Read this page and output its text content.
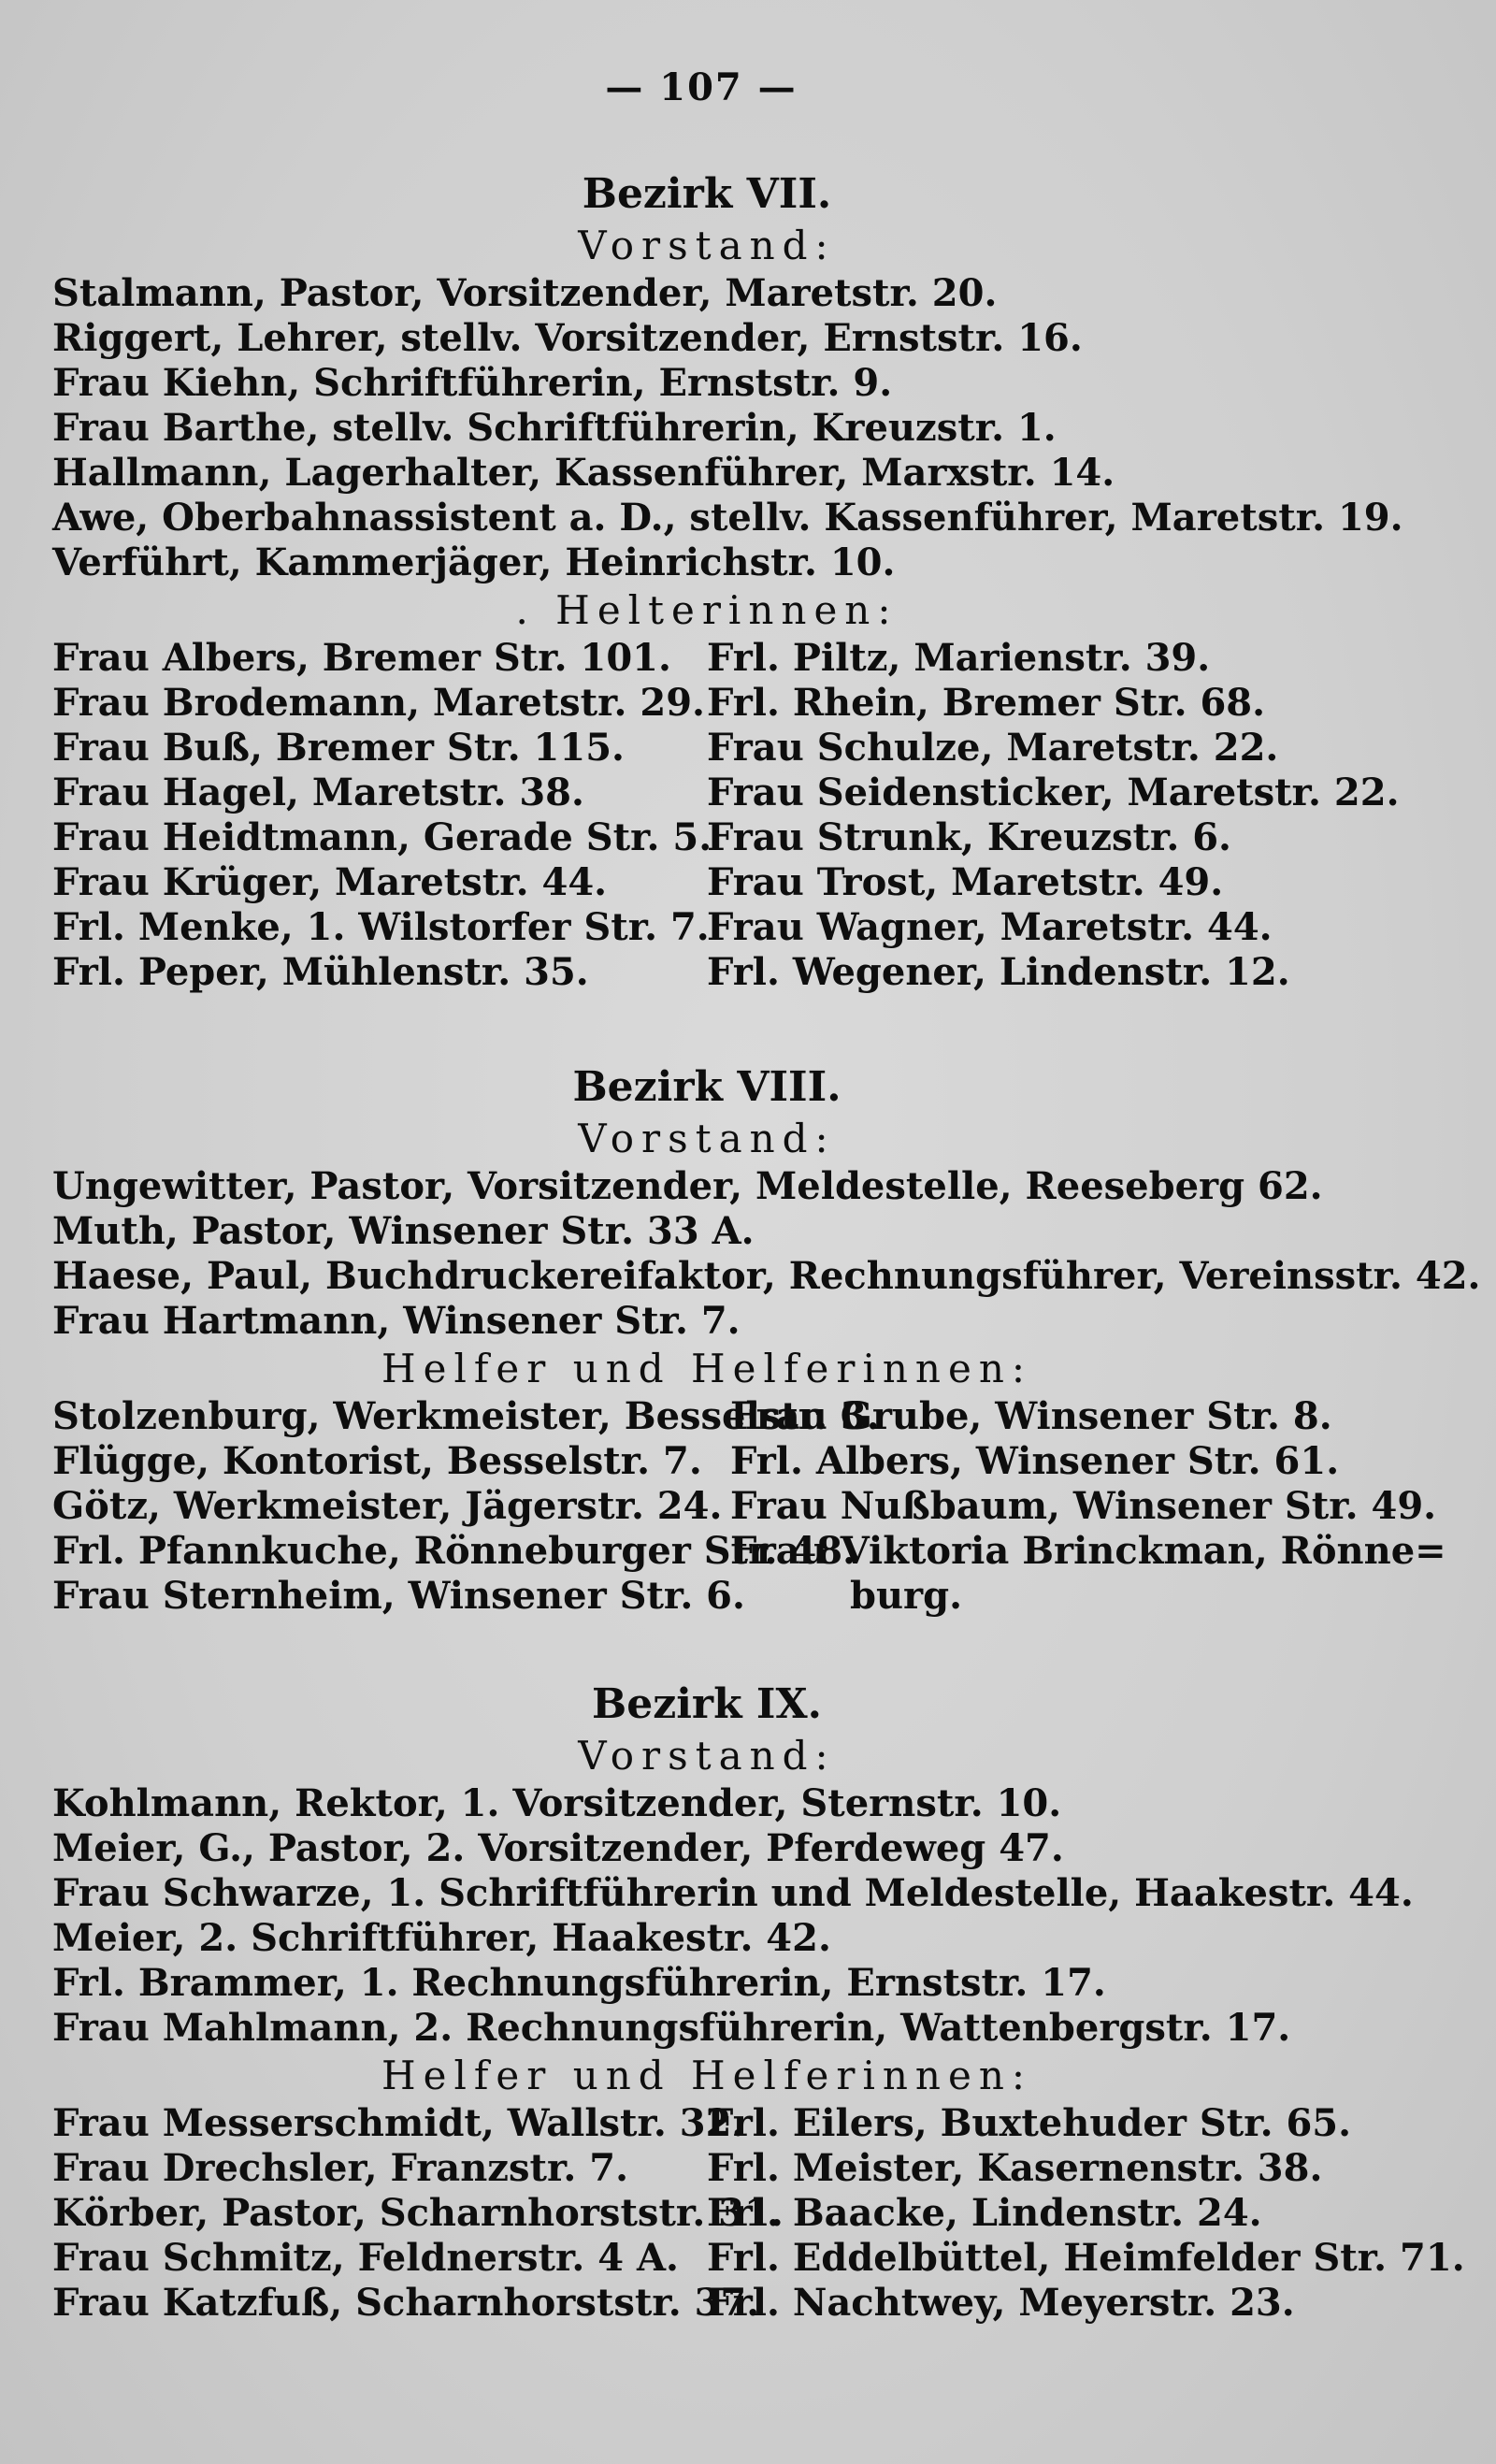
— 107 —
Bezirk VII.
Vorstand:
Stalmann, Pastor, Vorsitzender, Maretstr. 20.
Riggert, Lehrer, stellv. Vorsitzender, Ernststr. 16.
Frau Kiehn, Schriftführerin, Ernststr. 9.
Frau Barthe, stellv. Schriftführerin, Kreuzstr. 1.
Hallmann, Lagerhalter, Kassenführer, Marxstr. 14.
Awe, Oberbahnassistent a. D., stellv. Kassenführer, Maretstr. 19.
Verführt, Kammerjäger, Heinrichstr. 10.
. Helterinnen:
Frau Albers, Bremer Str. 101.
Frau Brodemann, Maretstr. 29.
Frau Buß, Bremer Str. 115.
Frau Hagel, Maretstr. 38.
Frau Heidtmann, Gerade Str. 5.
Frau Krüger, Maretstr. 44.
Frl. Menke, 1. Wilstorfer Str. 7.
Frl. Peper, Mühlenstr. 35.
Frl. Piltz, Marienstr. 39.
Frl. Rhein, Bremer Str. 68.
Frau Schulze, Maretstr. 22.
Frau Seidensticker, Maretstr. 22.
Frau Strunk, Kreuzstr. 6.
Frau Trost, Maretstr. 49.
Frau Wagner, Maretstr. 44.
Frl. Wegener, Lindenstr. 12.
Bezirk VIII.
Vorstand:
Ungewitter, Pastor, Vorsitzender, Meldestelle, Reeseberg 62.
Muth, Pastor, Winsener Str. 33 A.
Haese, Paul, Buchdruckereifaktor, Rechnungsführer, Vereinsstr. 42.
Frau Hartmann, Winsener Str. 7.
Helfer und Helferinnen:
Stolzenburg, Werkmeister, Besselstr. 3.
Flügge, Kontorist, Besselstr. 7.
Götz, Werkmeister, Jägerstr. 24.
Frl. Pfannkuche, Rönneburger Str. 48.
Frau Sternheim, Winsener Str. 6.
Frau Grube, Winsener Str. 8.
Frl. Albers, Winsener Str. 61.
Frau Nußbaum, Winsener Str. 49.
Frau Viktoria Brinckman, Rönne=
burg.
Bezirk IX.
Vorstand:
Kohlmann, Rektor, 1. Vorsitzender, Sternstr. 10.
Meier, G., Pastor, 2. Vorsitzender, Pferdeweg 47.
Frau Schwarze, 1. Schriftführerin und Meldestelle, Haakestr. 44.
Meier, 2. Schriftführer, Haakestr. 42.
Frl. Brammer, 1. Rechnungsführerin, Ernststr. 17.
Frau Mahlmann, 2. Rechnungsführerin, Wattenbergstr. 17.
Helfer und Helferinnen:
Frau Messerschmidt, Wallstr. 32.
Frau Drechsler, Franzstr. 7.
Körber, Pastor, Scharnhorststr. 31.
Frau Schmitz, Feldnerstr. 4 A.
Frau Katzfuß, Scharnhorststr. 37.
Frl. Eilers, Buxtehuder Str. 65.
Frl. Meister, Kasernenstr. 38.
Frl. Baacke, Lindenstr. 24.
Frl. Eddelbüttel, Heimfelder Str. 71.
Frl. Nachtwey, Meyerstr. 23.
